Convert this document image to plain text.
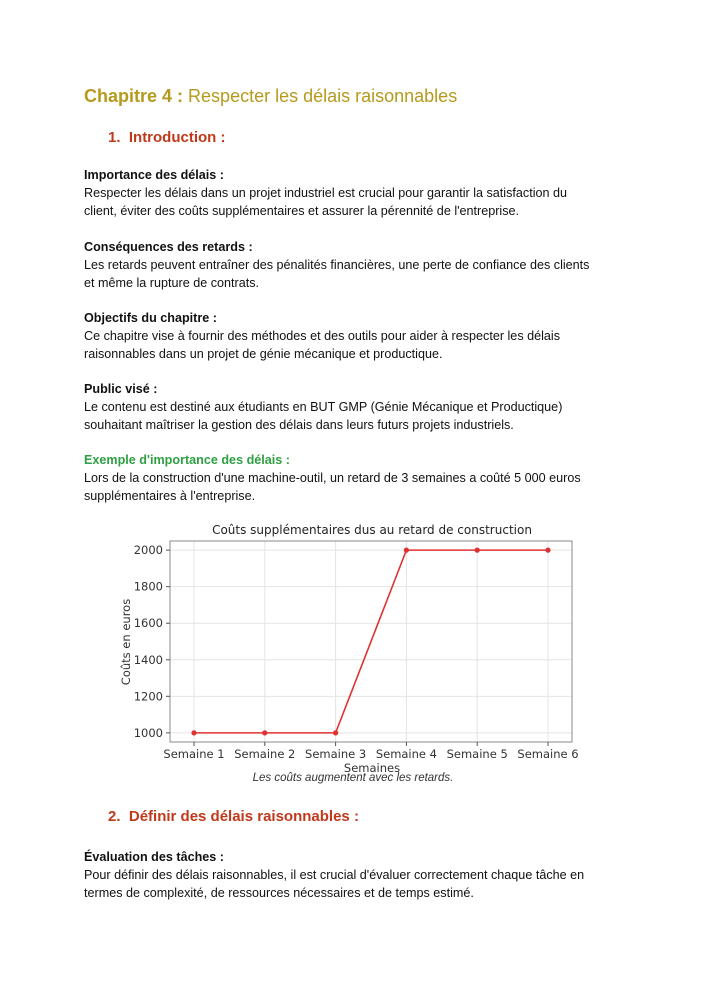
Chapitre 4 : Respecter les délais raisonnables
1. Introduction :

Importance des délais :

Respecter les délais dans un projet industriel est crucial pour garantir la satisfaction du

client, éviter des coûts supplémentaires et assurer la pérennité de l'entreprise.

Conséquences des retards :

Les retards peuvent entraîner des pénalités financières, une perte de confiance des clients

et même la rupture de contrats.

Objectifs du chapitre :

Ce chapitre vise à fournir des méthodes et des outils pour aider à respecter les délais

raisonnables dans un projet de génie mécanique et productique.

Public visé :

Le contenu est destiné aux étudiants en BUT GMP (Génie Mécanique et Productique)

souhaitant maîtriser la gestion des délais dans leurs futurs projets industriels.

Exemple d'importance des délais :

Lors de la construction d'une machine-outil, un retard de 3 semaines a coûté 5 000 euros

supplémentaires à l'entreprise.

Coûts supplémentaires dus au retard de construction
Semaines
Coûts en euros
1000
1200
1400
1600
1800
2000
Semaine 1 Semaine 2 Semaine 3 Semaine 4 Semaine 5 Semaine 6
Les coûts augmentent avec les retards.
2. Définir des délais raisonnables :

Évaluation des tâches :

Pour définir des délais raisonnables, il est crucial d'évaluer correctement chaque tâche en

termes de complexité, de ressources nécessaires et de temps estimé.
